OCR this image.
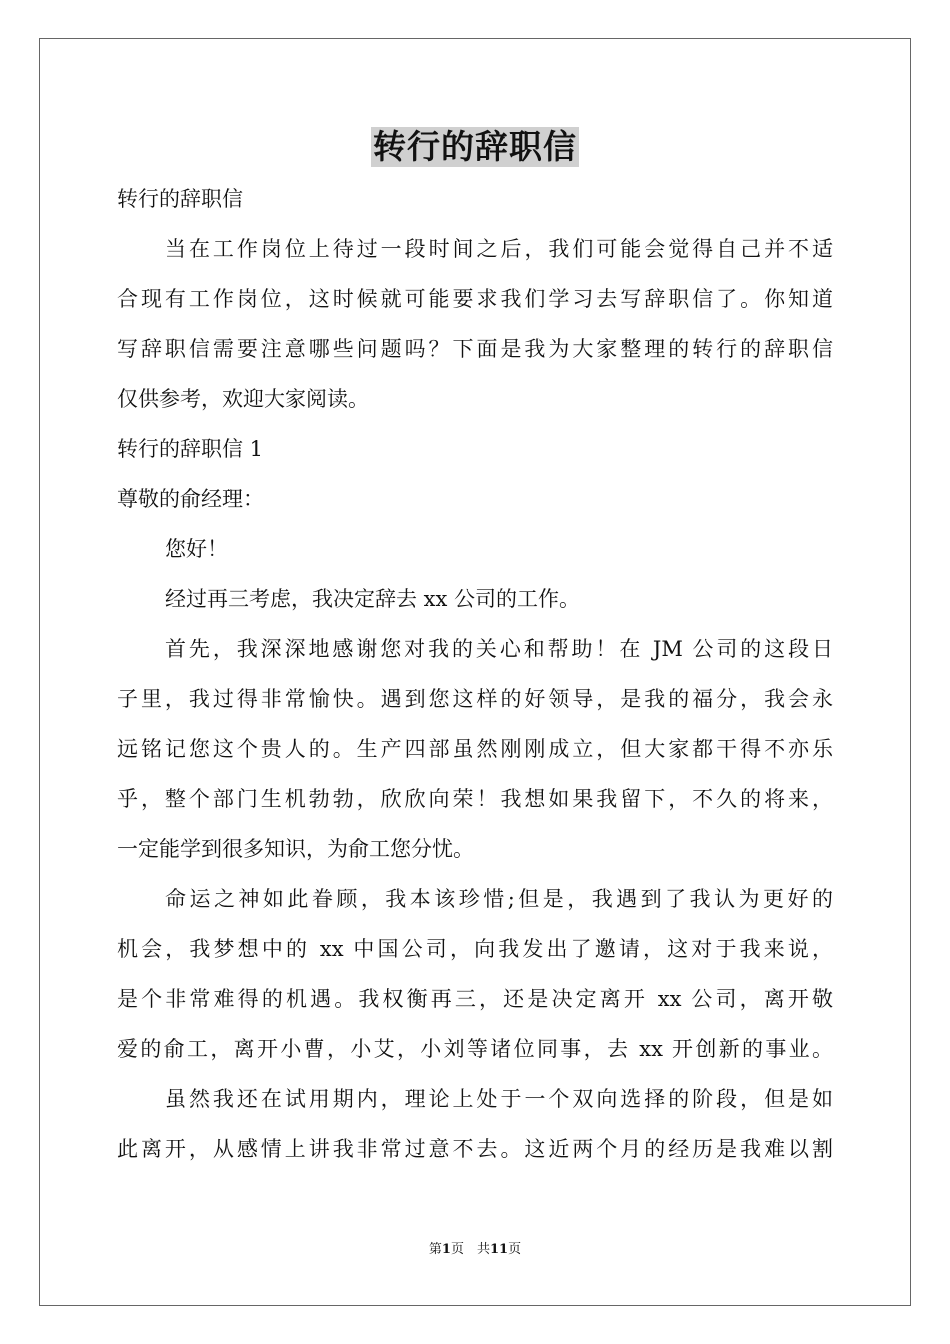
转行的辞职信
转行的辞职信
当在工作岗位上待过一段时间之后，我们可能会觉得自己并不适
合现有工作岗位，这时候就可能要求我们学习去写辞职信了。你知道
写辞职信需要注意哪些问题吗？下面是我为大家整理的转行的辞职信
仅供参考，欢迎大家阅读。
转行的辞职信 1
尊敬的俞经理：
您好！
经过再三考虑，我决定辞去 xx 公司的工作。
首先，我深深地感谢您对我的关心和帮助！在 JM 公司的这段日
子里，我过得非常愉快。遇到您这样的好领导，是我的福分，我会永
远铭记您这个贵人的。生产四部虽然刚刚成立，但大家都干得不亦乐
乎，整个部门生机勃勃，欣欣向荣！我想如果我留下，不久的将来，
一定能学到很多知识，为俞工您分忧。
命运之神如此眷顾，我本该珍惜;但是，我遇到了我认为更好的
机会，我梦想中的 xx 中国公司，向我发出了邀请，这对于我来说，
是个非常难得的机遇。我权衡再三，还是决定离开 xx 公司，离开敬
爱的俞工，离开小曹，小艾，小刘等诸位同事，去 xx 开创新的事业。
虽然我还在试用期内，理论上处于一个双向选择的阶段，但是如
此离开，从感情上讲我非常过意不去。这近两个月的经历是我难以割
第1页　共11页
